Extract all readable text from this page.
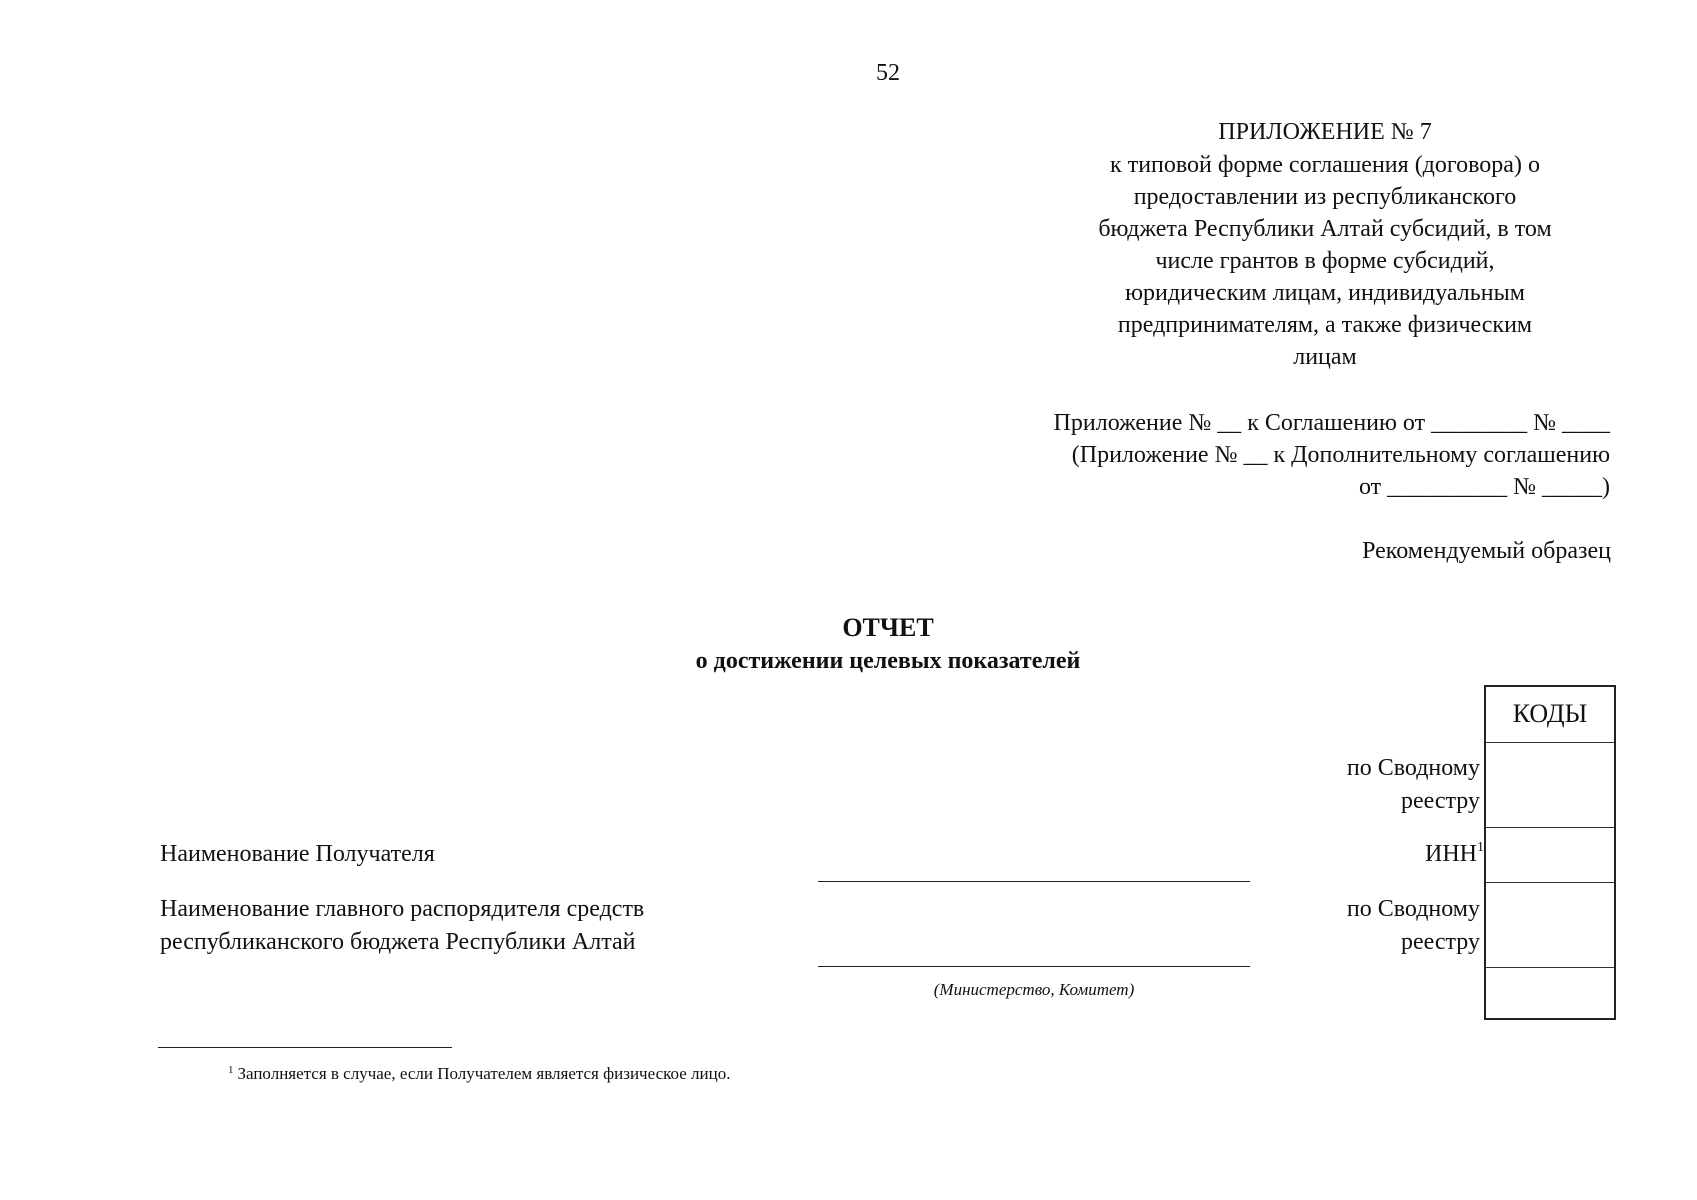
52
ПРИЛОЖЕНИЕ № 7
к типовой форме соглашения (договора) о
предоставлении из республиканского
бюджета Республики Алтай субсидий, в том
числе грантов в форме субсидий,
юридическим лицам, индивидуальным
предпринимателям, а также физическим
лицам
Приложение № __ к Соглашению от ________ № ____
(Приложение № __ к Дополнительному соглашению
от __________ № _____)
Рекомендуемый образец
ОТЧЕТ
о достижении целевых показателей
КОДЫ
по Сводному
реестру
ИНН$^1$
по Сводному
реестру
Наименование Получателя
Наименование главного распорядителя средств
республиканского бюджета Республики Алтай
(Министерство, Комитет)
$^1$ Заполняется в случае, если Получателем является физическое лицо.
